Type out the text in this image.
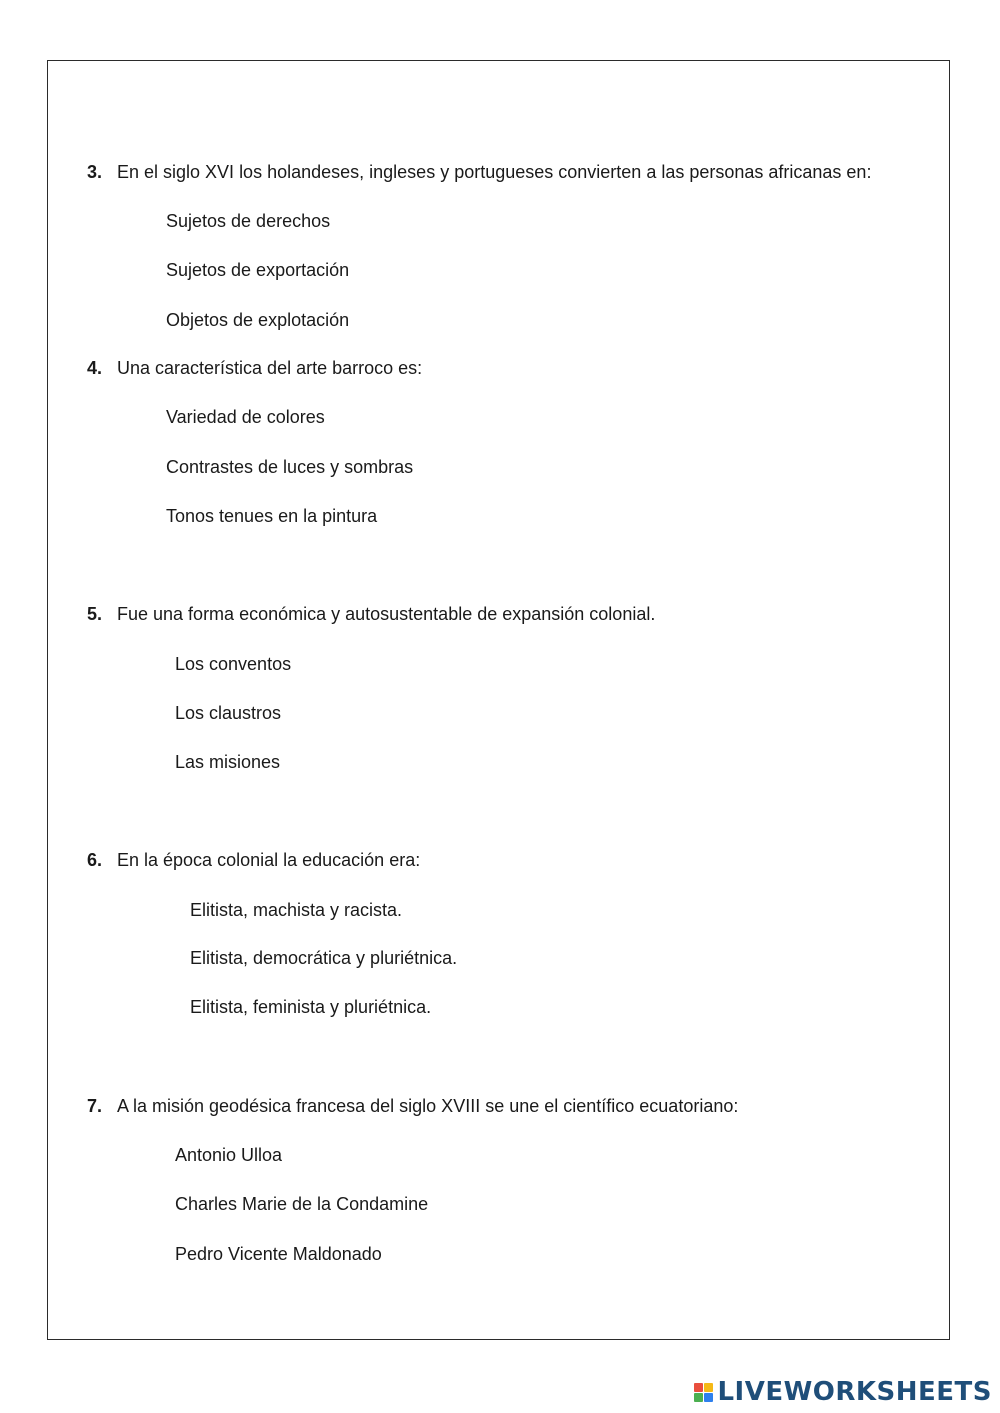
3. En el siglo XVI los holandeses, ingleses y portugueses convierten a las personas africanas en:
Sujetos de derechos
Sujetos de exportación
Objetos de explotación
4. Una característica del arte barroco es:
Variedad de colores
Contrastes de luces y sombras
Tonos tenues en la pintura
5. Fue una forma económica y autosustentable de expansión colonial.
Los conventos
Los claustros
Las misiones
6. En la época colonial la educación era:
Elitista, machista y racista.
Elitista, democrática y pluriétnica.
Elitista, feminista y pluriétnica.
7. A la misión geodésica francesa del siglo XVIII se une el científico ecuatoriano:
Antonio Ulloa
Charles Marie de la Condamine
Pedro Vicente Maldonado
LIVEWORKSHEETS
